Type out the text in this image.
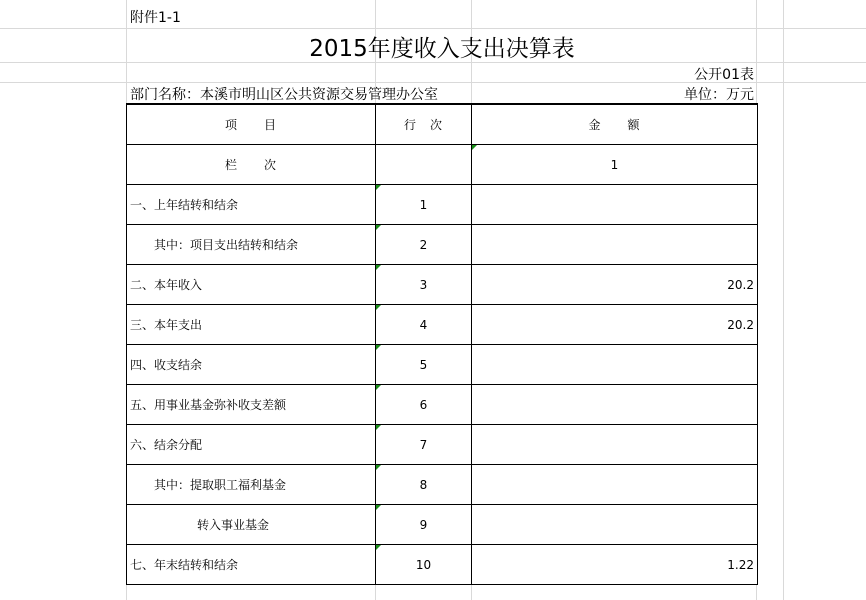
附件1-1
2015年度收入支出决算表
公开01表
部门名称：本溪市明山区公共资源交易管理办公室	单位：万元
项　　目	行　次	金　　额
栏　　次		1
一、上年结转和结余	1	
其中：项目支出结转和结余	2	
二、本年收入	3	20.2
三、本年支出	4	20.2
四、收支结余	5	
五、用事业基金弥补收支差额	6	
六、结余分配	7	
其中：提取职工福利基金	8	
转入事业基金	9	
七、年末结转和结余	10	1.22
